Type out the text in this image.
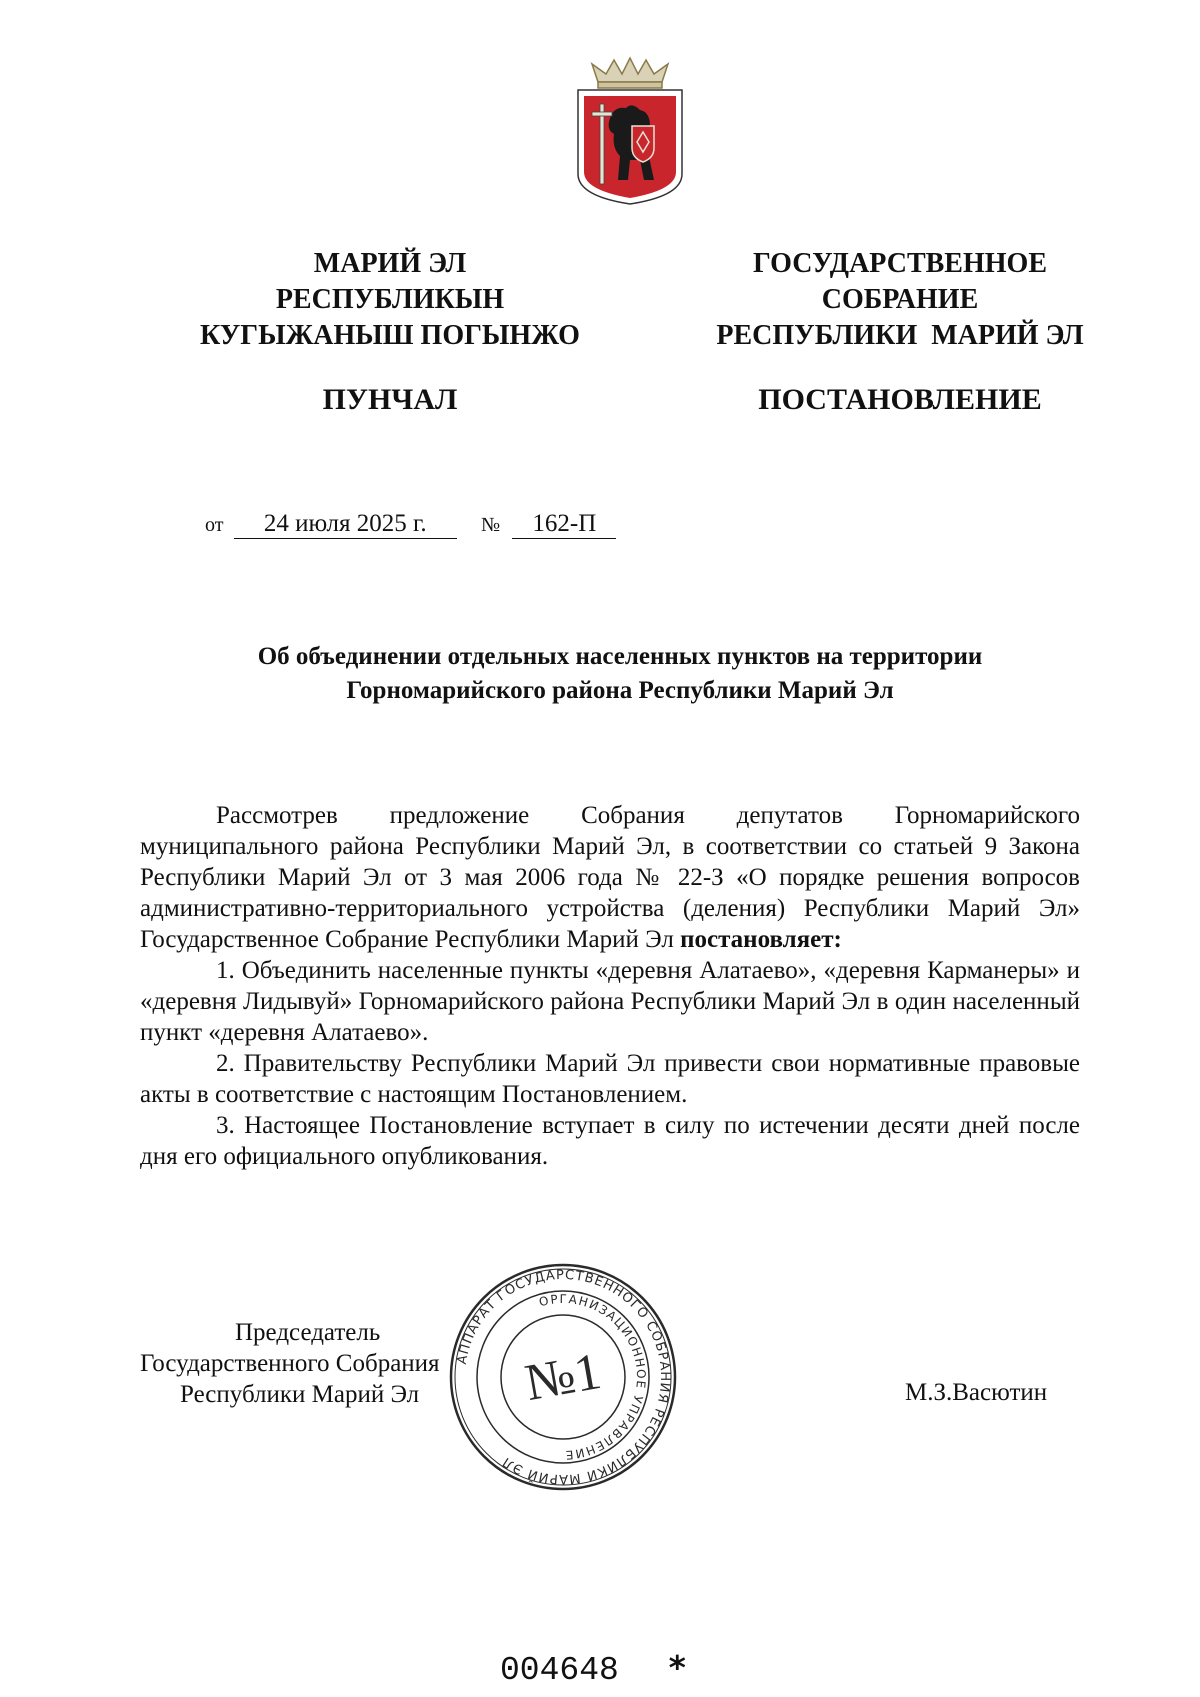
МАРИЙ ЭЛ
РЕСПУБЛИКЫН
КУГЫЖАНЫШ ПОГЫНЖО
ГОСУДАРСТВЕННОЕ
СОБРАНИЕ
РЕСПУБЛИКИ  МАРИЙ ЭЛ
ПУНЧАЛ	ПОСТАНОВЛЕНИЕ
от 24 июля 2025 г.	№ 162-П
Об объединении отдельных населенных пунктов на территории
Горномарийского района Республики Марий Эл

Рассмотрев предложение Собрания депутатов Горномарийского муниципального района Республики Марий Эл, в соответствии со статьей 9 Закона Республики Марий Эл от 3 мая 2006 года № 22-З «О порядке решения вопросов административно-территориального устройства (деления) Республики Марий Эл» Государственное Собрание Республики Марий Эл постановляет:

1. Объединить населенные пункты «деревня Алатаево», «деревня Карманеры» и «деревня Лидывуй» Горномарийского района Республики Марий Эл в один населенный пункт «деревня Алатаево».

2. Правительству Республики Марий Эл привести свои нормативные правовые акты в соответствие с настоящим Постановлением.

3. Настоящее Постановление вступает в силу по истечении десяти дней после дня его официального опубликования.

Председатель
Государственного Собрания
Республики Марий Эл	М.З.Васютин
АППАРАТ ГОСУДАРСТВЕННОГО СОБРАНИЯ РЕСПУБЛИКИ МАРИЙ ЭЛ
ОРГАНИЗАЦИОННОЕ УПРАВЛЕНИЕ
№1
004648 *
